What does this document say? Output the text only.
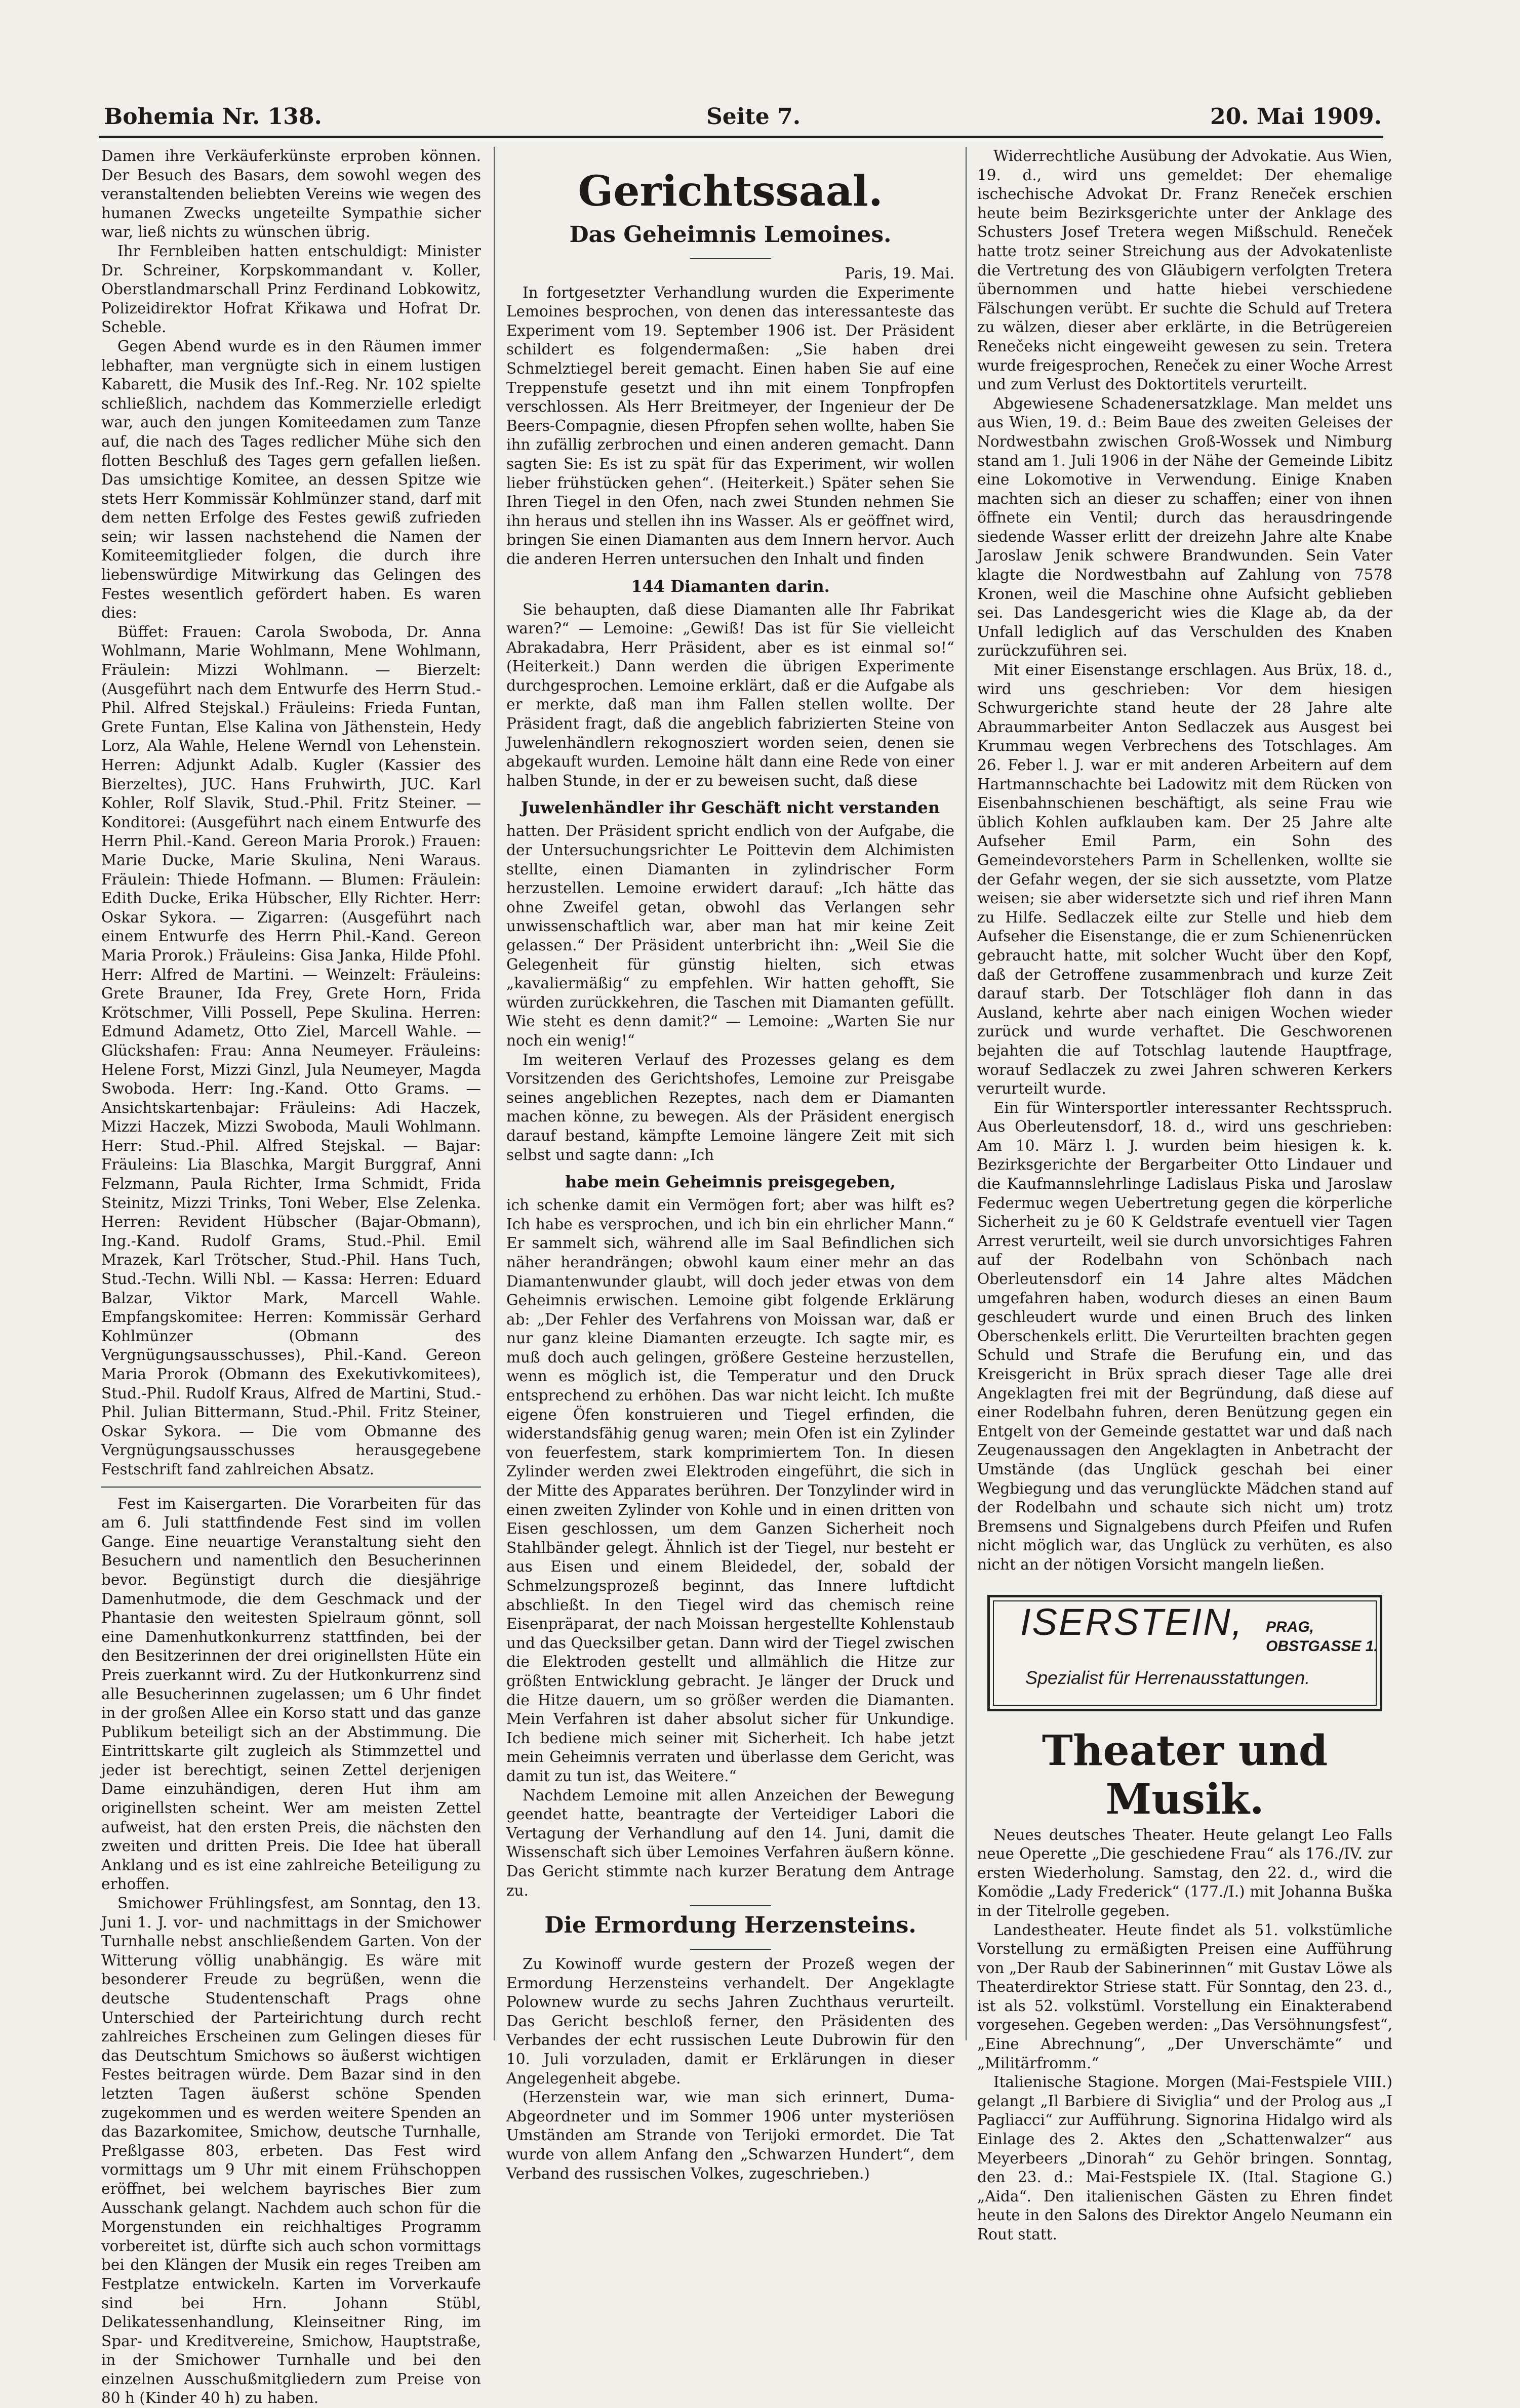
Bohemia Nr. 138.	Seite 7.	20. Mai 1909.

Damen ihre Verkäuferkünste erproben können. Der Besuch des Basars, dem sowohl wegen des veranstaltenden beliebten Vereins wie wegen des humanen Zwecks ungeteilte Sympathie sicher war, ließ nichts zu wünschen übrig.

Ihr Fernbleiben hatten entschuldigt: Minister Dr. Schreiner, Korpskommandant v. Koller, Oberstlandmarschall Prinz Ferdinand Lobkowitz, Polizeidirektor Hofrat Křikawa und Hofrat Dr. Scheble.

Gegen Abend wurde es in den Räumen immer lebhafter, man vergnügte sich in einem lustigen Kabarett, die Musik des Inf.-Reg. Nr. 102 spielte schließlich, nachdem das Kommerzielle erledigt war, auch den jungen Komiteedamen zum Tanze auf, die nach des Tages redlicher Mühe sich den flotten Beschluß des Tages gern gefallen ließen. Das umsichtige Komitee, an dessen Spitze wie stets Herr Kommissär Kohlmünzer stand, darf mit dem netten Erfolge des Festes gewiß zufrieden sein; wir lassen nachstehend die Namen der Komiteemitglieder folgen, die durch ihre liebenswürdige Mitwirkung das Gelingen des Festes wesentlich gefördert haben. Es waren dies:

Büffet: Frauen: Carola Swoboda, Dr. Anna Wohlmann, Marie Wohlmann, Mene Wohlmann, Fräulein: Mizzi Wohlmann. — Bierzelt: (Ausgeführt nach dem Entwurfe des Herrn Stud.-Phil. Alfred Stejskal.) Fräuleins: Frieda Funtan, Grete Funtan, Else Kalina von Jäthenstein, Hedy Lorz, Ala Wahle, Helene Werndl von Lehenstein. Herren: Adjunkt Adalb. Kugler (Kassier des Bierzeltes), JUC. Hans Fruhwirth, JUC. Karl Kohler, Rolf Slavik, Stud.-Phil. Fritz Steiner. — Konditorei: (Ausgeführt nach einem Entwurfe des Herrn Phil.-Kand. Gereon Maria Prorok.) Frauen: Marie Ducke, Marie Skulina, Neni Waraus. Fräulein: Thiede Hofmann. — Blumen: Fräulein: Edith Ducke, Erika Hübscher, Elly Richter. Herr: Oskar Sykora. — Zigarren: (Ausgeführt nach einem Entwurfe des Herrn Phil.-Kand. Gereon Maria Prorok.) Fräuleins: Gisa Janka, Hilde Pfohl. Herr: Alfred de Martini. — Weinzelt: Fräuleins: Grete Brauner, Ida Frey, Grete Horn, Frida Krötschmer, Villi Possell, Pepe Skulina. Herren: Edmund Adametz, Otto Ziel, Marcell Wahle. — Glückshafen: Frau: Anna Neumeyer. Fräuleins: Helene Forst, Mizzi Ginzl, Jula Neumeyer, Magda Swoboda. Herr: Ing.-Kand. Otto Grams. — Ansichtskartenbajar: Fräuleins: Adi Haczek, Mizzi Haczek, Mizzi Swoboda, Mauli Wohlmann. Herr: Stud.-Phil. Alfred Stejskal. — Bajar: Fräuleins: Lia Blaschka, Margit Burggraf, Anni Felzmann, Paula Richter, Irma Schmidt, Frida Steinitz, Mizzi Trinks, Toni Weber, Else Zelenka. Herren: Revident Hübscher (Bajar-Obmann), Ing.-Kand. Rudolf Grams, Stud.-Phil. Emil Mrazek, Karl Trötscher, Stud.-Phil. Hans Tuch, Stud.-Techn. Willi Nbl. — Kassa: Herren: Eduard Balzar, Viktor Mark, Marcell Wahle. Empfangskomitee: Herren: Kommissär Gerhard Kohlmünzer (Obmann des Vergnügungsausschusses), Phil.-Kand. Gereon Maria Prorok (Obmann des Exekutivkomitees), Stud.-Phil. Rudolf Kraus, Alfred de Martini, Stud.-Phil. Julian Bittermann, Stud.-Phil. Fritz Steiner, Oskar Sykora. — Die vom Obmanne des Vergnügungsausschusses herausgegebene Festschrift fand zahlreichen Absatz.

Fest im Kaisergarten. Die Vorarbeiten für das am 6. Juli stattfindende Fest sind im vollen Gange. Eine neuartige Veranstaltung sieht den Besuchern und namentlich den Besucherinnen bevor. Begünstigt durch die diesjährige Damenhutmode, die dem Geschmack und der Phantasie den weitesten Spielraum gönnt, soll eine Damenhutkonkurrenz stattfinden, bei der den Besitzerinnen der drei originellsten Hüte ein Preis zuerkannt wird. Zu der Hutkonkurrenz sind alle Besucherinnen zugelassen; um 6 Uhr findet in der großen Allee ein Korso statt und das ganze Publikum beteiligt sich an der Abstimmung. Die Eintrittskarte gilt zugleich als Stimmzettel und jeder ist berechtigt, seinen Zettel derjenigen Dame einzuhändigen, deren Hut ihm am originellsten scheint. Wer am meisten Zettel aufweist, hat den ersten Preis, die nächsten den zweiten und dritten Preis. Die Idee hat überall Anklang und es ist eine zahlreiche Beteiligung zu erhoffen.

Smichower Frühlingsfest, am Sonntag, den 13. Juni 1. J. vor- und nachmittags in der Smichower Turnhalle nebst anschließendem Garten. Von der Witterung völlig unabhängig. Es wäre mit besonderer Freude zu begrüßen, wenn die deutsche Studentenschaft Prags ohne Unterschied der Parteirichtung durch recht zahlreiches Erscheinen zum Gelingen dieses für das Deutschtum Smichows so äußerst wichtigen Festes beitragen würde. Dem Bazar sind in den letzten Tagen äußerst schöne Spenden zugekommen und es werden weitere Spenden an das Bazarkomitee, Smichow, deutsche Turnhalle, Preßlgasse 803, erbeten. Das Fest wird vormittags um 9 Uhr mit einem Frühschoppen eröffnet, bei welchem bayrisches Bier zum Ausschank gelangt. Nachdem auch schon für die Morgenstunden ein reichhaltiges Programm vorbereitet ist, dürfte sich auch schon vormittags bei den Klängen der Musik ein reges Treiben am Festplatze entwickeln. Karten im Vorverkaufe sind bei Hrn. Johann Stübl, Delikatessenhandlung, Kleinseitner Ring, im Spar- und Kreditvereine, Smichow, Hauptstraße, in der Smichower Turnhalle und bei den einzelnen Ausschußmitgliedern zum Preise von 80 h (Kinder 40 h) zu haben.

Gerichtssaal.
Das Geheimnis Lemoines.
Paris, 19. Mai.

In fortgesetzter Verhandlung wurden die Experimente Lemoines besprochen, von denen das interessanteste das Experiment vom 19. September 1906 ist. Der Präsident schildert es folgendermaßen: „Sie haben drei Schmelztiegel bereit gemacht. Einen haben Sie auf eine Treppenstufe gesetzt und ihn mit einem Tonpfropfen verschlossen. Als Herr Breitmeyer, der Ingenieur der De Beers-Compagnie, diesen Pfropfen sehen wollte, haben Sie ihn zufällig zerbrochen und einen anderen gemacht. Dann sagten Sie: Es ist zu spät für das Experiment, wir wollen lieber frühstücken gehen“. (Heiterkeit.) Später sehen Sie Ihren Tiegel in den Ofen, nach zwei Stunden nehmen Sie ihn heraus und stellen ihn ins Wasser. Als er geöffnet wird, bringen Sie einen Diamanten aus dem Innern hervor. Auch die anderen Herren untersuchen den Inhalt und finden

144 Diamanten darin.

Sie behaupten, daß diese Diamanten alle Ihr Fabrikat waren?“ — Lemoine: „Gewiß! Das ist für Sie vielleicht Abrakadabra, Herr Präsident, aber es ist einmal so!“ (Heiterkeit.) Dann werden die übrigen Experimente durchgesprochen. Lemoine erklärt, daß er die Aufgabe als er merkte, daß man ihm Fallen stellen wollte. Der Präsident fragt, daß die angeblich fabrizierten Steine von Juwelenhändlern rekognosziert worden seien, denen sie abgekauft wurden. Lemoine hält dann eine Rede von einer halben Stunde, in der er zu beweisen sucht, daß diese

Juwelenhändler ihr Geschäft nicht verstanden

hatten. Der Präsident spricht endlich von der Aufgabe, die der Untersuchungsrichter Le Poittevin dem Alchimisten stellte, einen Diamanten in zylindrischer Form herzustellen. Lemoine erwidert darauf: „Ich hätte das ohne Zweifel getan, obwohl das Verlangen sehr unwissenschaftlich war, aber man hat mir keine Zeit gelassen.“ Der Präsident unterbricht ihn: „Weil Sie die Gelegenheit für günstig hielten, sich etwas „kavaliermäßig“ zu empfehlen. Wir hatten gehofft, Sie würden zurückkehren, die Taschen mit Diamanten gefüllt. Wie steht es denn damit?“ — Lemoine: „Warten Sie nur noch ein wenig!“

Im weiteren Verlauf des Prozesses gelang es dem Vorsitzenden des Gerichtshofes, Lemoine zur Preisgabe seines angeblichen Rezeptes, nach dem er Diamanten machen könne, zu bewegen. Als der Präsident energisch darauf bestand, kämpfte Lemoine längere Zeit mit sich selbst und sagte dann: „Ich

habe mein Geheimnis preisgegeben,

ich schenke damit ein Vermögen fort; aber was hilft es? Ich habe es versprochen, und ich bin ein ehrlicher Mann.“ Er sammelt sich, während alle im Saal Befindlichen sich näher herandrängen; obwohl kaum einer mehr an das Diamantenwunder glaubt, will doch jeder etwas von dem Geheimnis erwischen. Lemoine gibt folgende Erklärung ab: „Der Fehler des Verfahrens von Moissan war, daß er nur ganz kleine Diamanten erzeugte. Ich sagte mir, es muß doch auch gelingen, größere Gesteine herzustellen, wenn es möglich ist, die Temperatur und den Druck entsprechend zu erhöhen. Das war nicht leicht. Ich mußte eigene Öfen konstruieren und Tiegel erfinden, die widerstandsfähig genug waren; mein Ofen ist ein Zylinder von feuerfestem, stark komprimiertem Ton. In diesen Zylinder werden zwei Elektroden eingeführt, die sich in der Mitte des Apparates berühren. Der Tonzylinder wird in einen zweiten Zylinder von Kohle und in einen dritten von Eisen geschlossen, um dem Ganzen Sicherheit noch Stahlbänder gelegt. Ähnlich ist der Tiegel, nur besteht er aus Eisen und einem Bleidedel, der, sobald der Schmelzungsprozeß beginnt, das Innere luftdicht abschließt. In den Tiegel wird das chemisch reine Eisenpräparat, der nach Moissan hergestellte Kohlenstaub und das Quecksilber getan. Dann wird der Tiegel zwischen die Elektroden gestellt und allmählich die Hitze zur größten Entwicklung gebracht. Je länger der Druck und die Hitze dauern, um so größer werden die Diamanten. Mein Verfahren ist daher absolut sicher für Unkundige. Ich bediene mich seiner mit Sicherheit. Ich habe jetzt mein Geheimnis verraten und überlasse dem Gericht, was damit zu tun ist, das Weitere.“

Nachdem Lemoine mit allen Anzeichen der Bewegung geendet hatte, beantragte der Verteidiger Labori die Vertagung der Verhandlung auf den 14. Juni, damit die Wissenschaft sich über Lemoines Verfahren äußern könne. Das Gericht stimmte nach kurzer Beratung dem Antrage zu.

Die Ermordung Herzensteins.

Zu Kowinoff wurde gestern der Prozeß wegen der Ermordung Herzensteins verhandelt. Der Angeklagte Polownew wurde zu sechs Jahren Zuchthaus verurteilt. Das Gericht beschloß ferner, den Präsidenten des Verbandes der echt russischen Leute Dubrowin für den 10. Juli vorzuladen, damit er Erklärungen in dieser Angelegenheit abgebe.

(Herzenstein war, wie man sich erinnert, Duma-Abgeordneter und im Sommer 1906 unter mysteriösen Umständen am Strande von Terijoki ermordet. Die Tat wurde von allem Anfang den „Schwarzen Hundert“, dem Verband des russischen Volkes, zugeschrieben.)

Widerrechtliche Ausübung der Advokatie. Aus Wien, 19. d., wird uns gemeldet: Der ehemalige ischechische Advokat Dr. Franz Reneček erschien heute beim Bezirksgerichte unter der Anklage des Schusters Josef Tretera wegen Mißschuld. Reneček hatte trotz seiner Streichung aus der Advokatenliste die Vertretung des von Gläubigern verfolgten Tretera übernommen und hatte hiebei verschiedene Fälschungen verübt. Er suchte die Schuld auf Tretera zu wälzen, dieser aber erklärte, in die Betrügereien Renečeks nicht eingeweiht gewesen zu sein. Tretera wurde freigesprochen, Reneček zu einer Woche Arrest und zum Verlust des Doktortitels verurteilt.

Abgewiesene Schadenersatzklage. Man meldet uns aus Wien, 19. d.: Beim Baue des zweiten Geleises der Nordwestbahn zwischen Groß-Wossek und Nimburg stand am 1. Juli 1906 in der Nähe der Gemeinde Libitz eine Lokomotive in Verwendung. Einige Knaben machten sich an dieser zu schaffen; einer von ihnen öffnete ein Ventil; durch das herausdringende siedende Wasser erlitt der dreizehn Jahre alte Knabe Jaroslaw Jenik schwere Brandwunden. Sein Vater klagte die Nordwestbahn auf Zahlung von 7578 Kronen, weil die Maschine ohne Aufsicht geblieben sei. Das Landesgericht wies die Klage ab, da der Unfall lediglich auf das Verschulden des Knaben zurückzuführen sei.

Mit einer Eisenstange erschlagen. Aus Brüx, 18. d., wird uns geschrieben: Vor dem hiesigen Schwurgerichte stand heute der 28 Jahre alte Abraummarbeiter Anton Sedlaczek aus Ausgest bei Krummau wegen Verbrechens des Totschlages. Am 26. Feber l. J. war er mit anderen Arbeitern auf dem Hartmannschachte bei Ladowitz mit dem Rücken von Eisenbahnschienen beschäftigt, als seine Frau wie üblich Kohlen aufklauben kam. Der 25 Jahre alte Aufseher Emil Parm, ein Sohn des Gemeindevorstehers Parm in Schellenken, wollte sie der Gefahr wegen, der sie sich aussetzte, vom Platze weisen; sie aber widersetzte sich und rief ihren Mann zu Hilfe. Sedlaczek eilte zur Stelle und hieb dem Aufseher die Eisenstange, die er zum Schienenrücken gebraucht hatte, mit solcher Wucht über den Kopf, daß der Getroffene zusammenbrach und kurze Zeit darauf starb. Der Totschläger floh dann in das Ausland, kehrte aber nach einigen Wochen wieder zurück und wurde verhaftet. Die Geschworenen bejahten die auf Totschlag lautende Hauptfrage, worauf Sedlaczek zu zwei Jahren schweren Kerkers verurteilt wurde.

Ein für Wintersportler interessanter Rechtsspruch. Aus Oberleutensdorf, 18. d., wird uns geschrieben: Am 10. März l. J. wurden beim hiesigen k. k. Bezirksgerichte der Bergarbeiter Otto Lindauer und die Kaufmannslehrlinge Ladislaus Piska und Jaroslaw Federmuc wegen Uebertretung gegen die körperliche Sicherheit zu je 60 K Geldstrafe eventuell vier Tagen Arrest verurteilt, weil sie durch unvorsichtiges Fahren auf der Rodelbahn von Schönbach nach Oberleutensdorf ein 14 Jahre altes Mädchen umgefahren haben, wodurch dieses an einen Baum geschleudert wurde und einen Bruch des linken Oberschenkels erlitt. Die Verurteilten brachten gegen Schuld und Strafe die Berufung ein, und das Kreisgericht in Brüx sprach dieser Tage alle drei Angeklagten frei mit der Begründung, daß diese auf einer Rodelbahn fuhren, deren Benützung gegen ein Entgelt von der Gemeinde gestattet war und daß nach Zeugenaussagen den Angeklagten in Anbetracht der Umstände (das Unglück geschah bei einer Wegbiegung und das verunglückte Mädchen stand auf der Rodelbahn und schaute sich nicht um) trotz Bremsens und Signalgebens durch Pfeifen und Rufen nicht möglich war, das Unglück zu verhüten, es also nicht an der nötigen Vorsicht mangeln ließen.

ISERSTEIN, PRAG,
OBSTGASSE 1.
Spezialist für Herrenausstattungen.
Theater und Musik.

Neues deutsches Theater. Heute gelangt Leo Falls neue Operette „Die geschiedene Frau“ als 176./IV. zur ersten Wiederholung. Samstag, den 22. d., wird die Komödie „Lady Frederick“ (177./I.) mit Johanna Buška in der Titelrolle gegeben.

Landestheater. Heute findet als 51. volkstümliche Vorstellung zu ermäßigten Preisen eine Aufführung von „Der Raub der Sabinerinnen“ mit Gustav Löwe als Theaterdirektor Striese statt. Für Sonntag, den 23. d., ist als 52. volkstüml. Vorstellung ein Einakterabend vorgesehen. Gegeben werden: „Das Versöhnungsfest“, „Eine Abrechnung“, „Der Unverschämte“ und „Militärfromm.“

Italienische Stagione. Morgen (Mai-Festspiele VIII.) gelangt „Il Barbiere di Siviglia“ und der Prolog aus „I Pagliacci“ zur Aufführung. Signorina Hidalgo wird als Einlage des 2. Aktes den „Schattenwalzer“ aus Meyerbeers „Dinorah“ zu Gehör bringen. Sonntag, den 23. d.: Mai-Festspiele IX. (Ital. Stagione G.) „Aida“. Den italienischen Gästen zu Ehren findet heute in den Salons des Direktor Angelo Neumann ein Rout statt.
